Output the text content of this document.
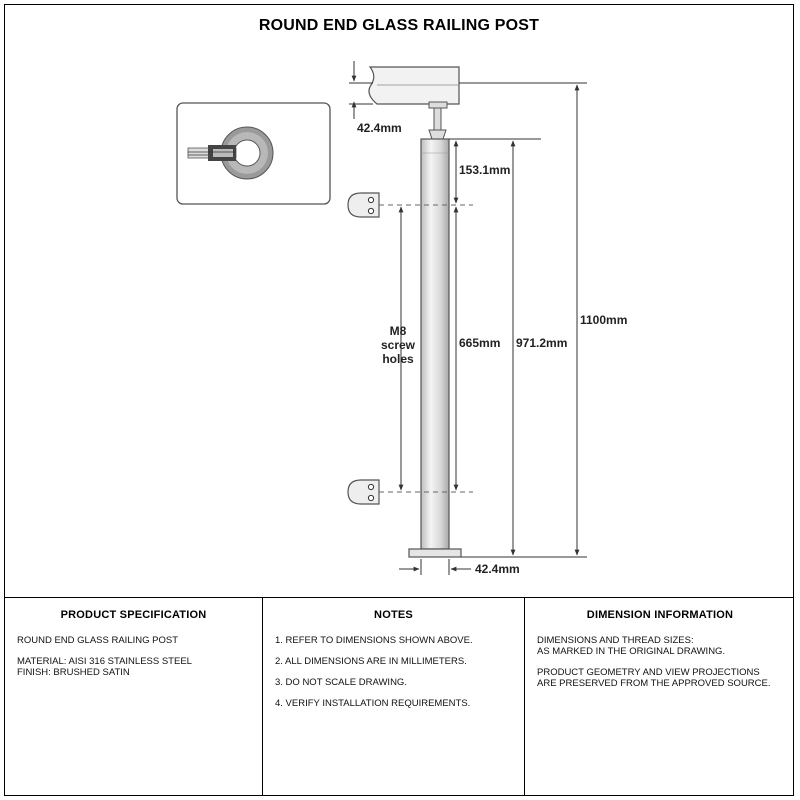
ROUND END GLASS RAILING POST
42.4mm
153.1mm
665mm 971.2mm
1100mm
42.4mm
M8
screw
holes
PRODUCT SPECIFICATION

ROUND END GLASS RAILING POST

MATERIAL: AISI 316 STAINLESS STEEL
FINISH: BRUSHED SATIN

NOTES

1. REFER TO DIMENSIONS SHOWN ABOVE.

2. ALL DIMENSIONS ARE IN MILLIMETERS.

3. DO NOT SCALE DRAWING.

4. VERIFY INSTALLATION REQUIREMENTS.

DIMENSION INFORMATION

DIMENSIONS AND THREAD SIZES:
AS MARKED IN THE ORIGINAL DRAWING.

PRODUCT GEOMETRY AND VIEW PROJECTIONS
ARE PRESERVED FROM THE APPROVED SOURCE.
